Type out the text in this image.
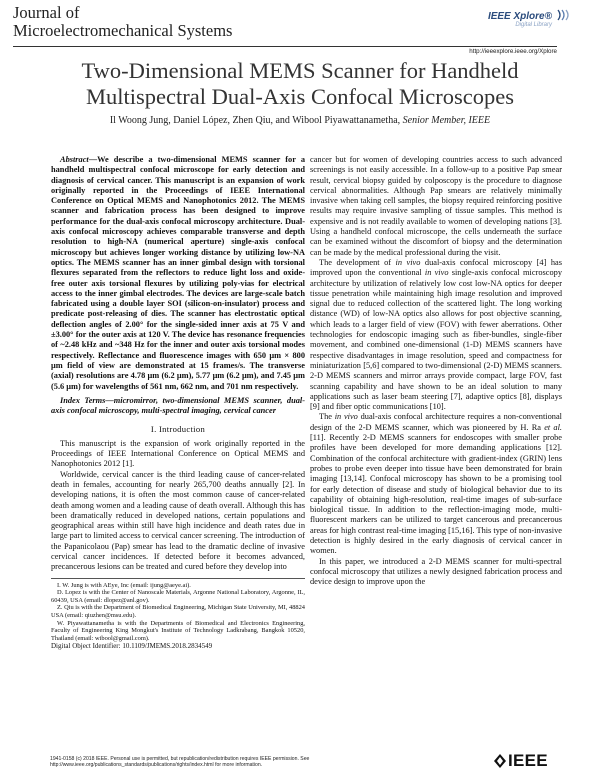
Journal of
Microelectromechanical Systems
IEEE Xplore®
Digital Library
http://ieeexplore.ieee.org/Xplore
Two-Dimensional MEMS Scanner for Handheld
Multispectral Dual-Axis Confocal Microscopes
Il Woong Jung, Daniel López, Zhen Qiu, and Wibool Piyawattanametha, Senior Member, IEEE

Abstract—We describe a two-dimensional MEMS scanner for a handheld multispectral confocal microscope for early detection and diagnosis of cervical cancer. This manuscript is an expansion of work originally reported in the Proceedings of IEEE International Conference on Optical MEMS and Nanophotonics 2012. The MEMS scanner and fabrication process has been designed to improve performance for the dual-axis confocal microscopy architecture. Dual-axis confocal microscopy achieves comparable transverse and depth resolution to high-NA (numerical aperture) single-axis confocal microscopy but achieves longer working distance by utilizing low-NA optics. The MEMS scanner has an inner gimbal design with torsional flexures separated from the reflectors to reduce light loss and oxide-free outer axis torsional flexures by utilizing poly-vias for electrical access to the inner gimbal electrodes. The devices are large-scale batch fabricated using a double layer SOI (silicon-on-insulator) process and predicate post-releasing of dies. The scanner has electrostatic optical deflection angles of 2.00° for the single-sided inner axis at 75 V and ±3.00° for the outer axis at 120 V. The device has resonance frequencies of ~2.48 kHz and ~348 Hz for the inner and outer axis torsional modes respectively. Reflectance and fluorescence images with 650 μm × 800 μm field of view are demonstrated at 15 frames/s. The transverse (axial) resolutions are 4.78 μm (6.2 μm), 5.77 μm (6.2 μm), and 7.45 μm (5.6 μm) for wavelengths of 561 nm, 662 nm, and 701 nm respectively.

Index Terms—micromirror, two-dimensional MEMS scanner, dual-axis confocal microscopy, multi-spectral imaging, cervical cancer

I. Introduction

This manuscript is the expansion of work originally reported in the Proceedings of IEEE International Conference on Optical MEMS and Nanophotonics 2012 [1].

Worldwide, cervical cancer is the third leading cause of cancer-related death in females, accounting for nearly 265,700 deaths annually [2]. In developing nations, it is often the most common cause of cancer-related death among women and a leading cause of death overall. Although this has been dramatically reduced in developed nations, certain populations and geographical areas within still have high incidence and death rates due in large part to limited access to cervical cancer screening. The introduction of the Papanicolaou (Pap) smear has lead to the dramatic decline of invasive cervical cancer incidences. If detected before it becomes advanced, precancerous lesions can be treated and cured before they develop into

I. W. Jung is with AEye, Inc (email: ijung@aeye.ai).
D. Lopez is with the Center of Nanoscale Materials, Argonne National Laboratory, Argonne, IL, 60439, USA (email: dlopez@anl.gov).
Z. Qiu is with the Department of Biomedical Engineering, Michigan State University, MI, 48824 USA (email: qiuzhen@msu.edu).
W. Piyawattanametha is with the Departments of Biomedical and Electronics Engineering, Faculty of Engineering King Mongkut's Institute of Technology Ladkrabang, Bangkok 10520, Thailand (email: wibool@gmail.com).
Digital Object Identifier: 10.1109/JMEMS.2018.2834549

cancer but for women of developing countries access to such advanced screenings is not easily accessible. In a follow-up to a positive Pap smear result, cervical biopsy guided by colposcopy is the procedure to diagnose cervical abnormalities. Although Pap smears are relatively minimally invasive when taking cell samples, the biopsy required reinforcing positive results may require invasive sampling of tissue samples. This method is expensive and is not readily available to women of developing nations [3]. Using a handheld confocal microscope, the cells underneath the surface can be examined without the discomfort of biopsy and the determination can be made by the medical professional during the visit.

The development of in vivo dual-axis confocal microscopy [4] has improved upon the conventional in vivo single-axis confocal microscopy architecture by utilization of relatively low cost low-NA optics for deeper tissue penetration while maintaining high image resolution and improved signal due to reduced collection of the scattered light. The long working distance (WD) of low-NA optics also allows for post objective scanning, which leads to a larger field of view (FOV) with fewer aberrations. Other technologies for endoscopic imaging such as fiber-bundles, single-fiber movement, and combined one-dimensional (1-D) MEMS scanners have respective disadvantages in image resolution, speed and compactness for miniaturization [5,6] compared to two-dimensional (2-D) MEMS scanners. 2-D MEMS scanners and mirror arrays provide compact, large FOV, fast scanning capability and have shown to be an ideal solution to many applications such as laser beam steering [7], adaptive optics [8], displays [9] and fiber optic communications [10].

The in vivo dual-axis confocal architecture requires a non-conventional design of the 2-D MEMS scanner, which was pioneered by H. Ra et al. [11]. Recently 2-D MEMS scanners for endoscopes with smaller probe profiles have been developed for more demanding applications [12]. Combination of the confocal architecture with gradient-index (GRIN) lens probes to probe even deeper into tissue have been demonstrated for brain imaging [13,14]. Confocal microscopy has shown to be a promising tool for early detection of disease and study of biological behavior due to its capability of obtaining high-resolution, real-time images of sub-surface biological tissue. In addition to the reflection-imaging mode, multi-fluorescent markers can be utilized to target cancerous and precancerous areas for high contrast real-time imaging [15,16]. This type of non-invasive detection is highly desired in the early diagnosis of cervical cancer in women.

In this paper, we introduced a 2-D MEMS scanner for multi-spectral confocal microscopy that utilizes a newly designed fabrication process and device design to improve upon the

1941-0158 (c) 2018 IEEE. Personal use is permitted, but republication/redistribution requires IEEE permission. See http://www.ieee.org/publications_standards/publications/rights/index.html for more information.	IEEE
